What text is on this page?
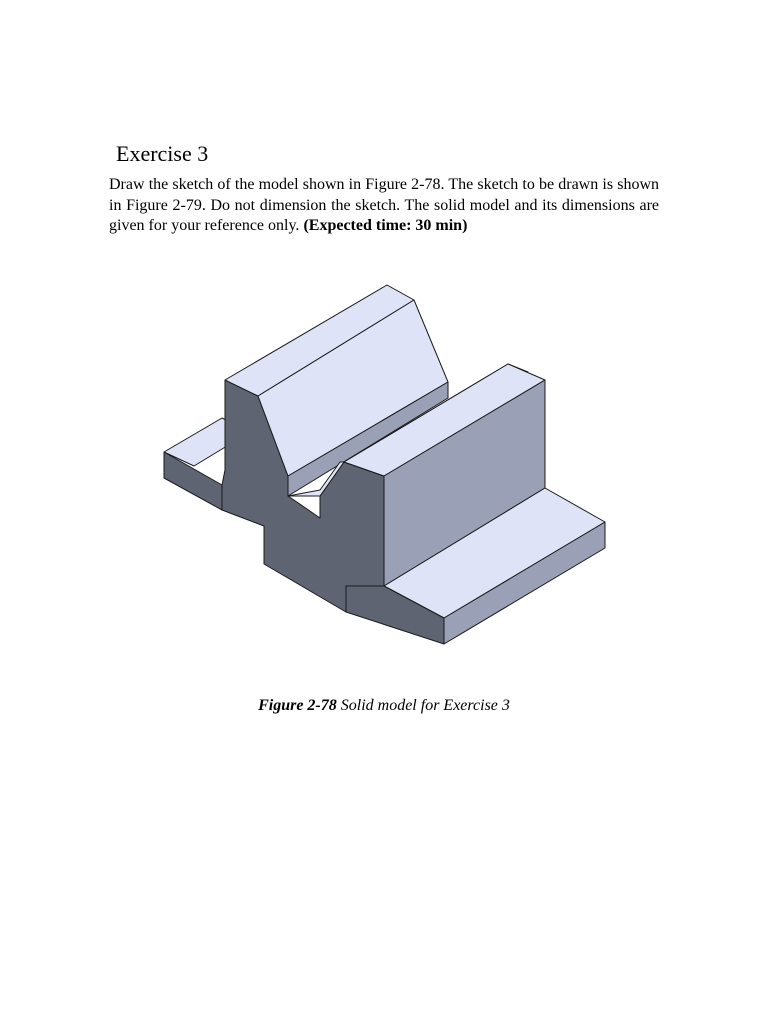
Exercise 3

Draw the sketch of the model shown in Figure 2-78. The sketch to be drawn is shown in Figure 2-79. Do not dimension the sketch. The solid model and its dimensions are given for your reference only. (Expected time: 30 min)

Figure 2-78 Solid model for Exercise 3
